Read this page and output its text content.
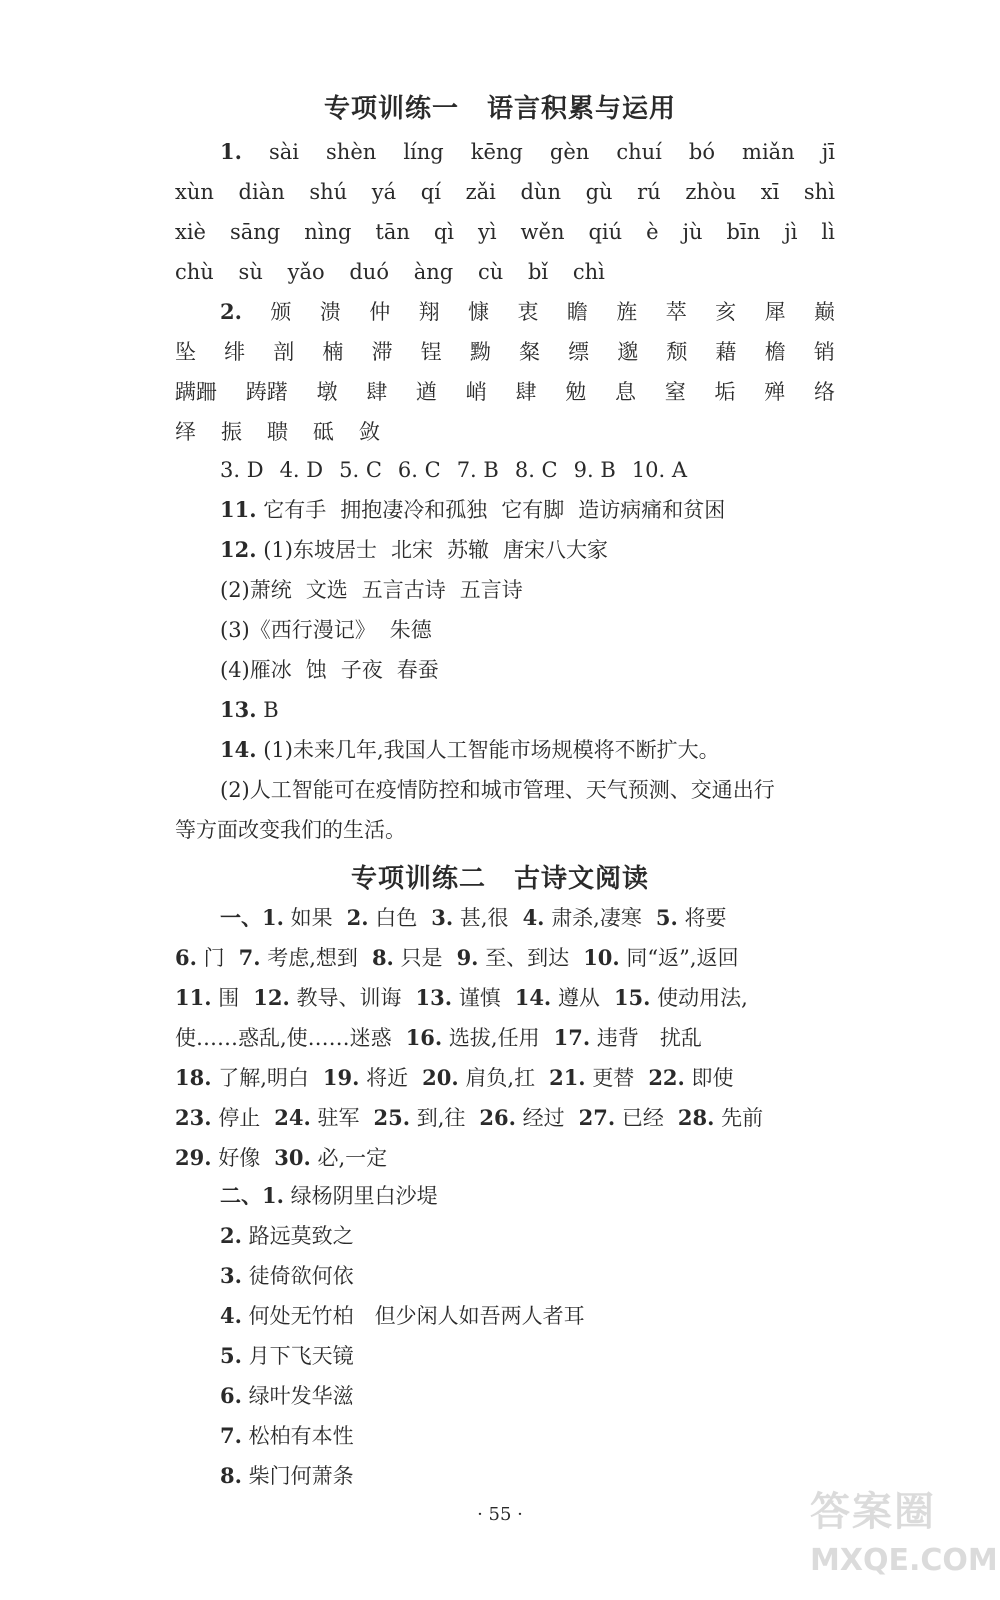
专项训练一 语言积累与运用
1. sài shèn líng kēng gèn chuí bó miǎn jī
xùn diàn shú yá qí zǎi dùn gù rú zhòu xī shì
xiè sāng nìng tān qì yì wěn qiú è jù bīn jì lì
chù sù yǎo duó àng cù bǐ chì
2. 颁 溃 仲 翔 慷 衷 瞻 旌 萃 亥 犀 巅
坠 绯 剖 楠 滞 锃 黝 粲 缥 邈 颓 藉 檐 销
蹒跚 踌躇 墩 肆 遒 峭 肆 勉 息 窒 垢 殚 络
绎 振 聩 砥 敛
3. D 4. D 5. C 6. C 7. B 8. C 9. B 10. A
11. 它有手 拥抱凄冷和孤独 它有脚 造访病痛和贫困
12. (1)东坡居士 北宋 苏辙 唐宋八大家
(2)萧统 文选 五言古诗 五言诗
(3)《西行漫记》 朱德
(4)雁冰 蚀 子夜 春蚕
13. B
14. (1)未来几年,我国人工智能市场规模将不断扩大。
(2)人工智能可在疫情防控和城市管理、天气预测、交通出行
等方面改变我们的生活。
专项训练二 古诗文阅读
一、1. 如果 2. 白色 3. 甚,很 4. 肃杀,凄寒 5. 将要
6. 门 7. 考虑,想到 8. 只是 9. 至、到达 10. 同“返”,返回
11. 围 12. 教导、训诲 13. 谨慎 14. 遵从 15. 使动用法,
使……惑乱,使……迷惑 16. 选拔,任用 17. 违背　扰乱
18. 了解,明白 19. 将近 20. 肩负,扛 21. 更替 22. 即使
23. 停止 24. 驻军 25. 到,往 26. 经过 27. 已经 28. 先前
29. 好像 30. 必,一定
二、1. 绿杨阴里白沙堤
2. 路远莫致之
3. 徒倚欲何依
4. 何处无竹柏　但少闲人如吾两人者耳
5. 月下飞天镜
6. 绿叶发华滋
7. 松柏有本性
8. 柴门何萧条
· 55 ·	答案圈
MXQE.COM
